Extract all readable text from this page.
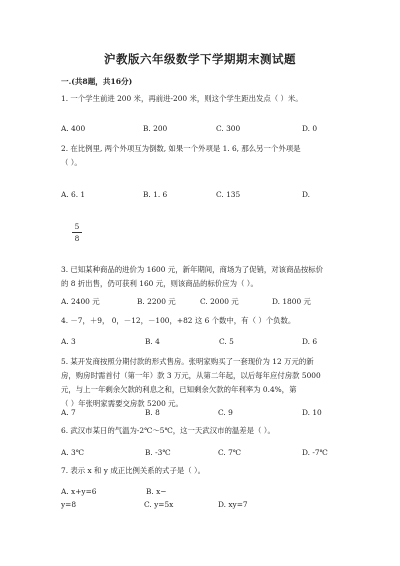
沪教版六年级数学下学期期末测试题
一.(共8题，共16分)
1. 一个学生前进 200 米，再前进-200 米，则这个学生距出发点（ ）米。
A. 400	B. 200	C. 300	D. 0
2. 在比例里, 两个外项互为倒数, 如果一个外项是 1. 6, 那么另一个外项是
（ ）。
A. 6. 1	B. 1. 6	C. 135	D.
5
8
3. 已知某种商品的进价为 1600 元，新年期间，商场为了促销，对该商品按标价
的 8 折出售，仍可获利 160 元，则该商品的标价应为（ ）。
A. 2400 元	B. 2200 元	C. 2000 元	D. 1800 元
4. －7，＋9， 0，－12，－100，+82 这 6 个数中，有（ ）个负数。
A. 3	B. 4	C. 5	D. 6
5. 某开发商按照分期付款的形式售房。张明家购买了一套现价为 12 万元的新
房，购房时需首付（第一年）款 3 万元，从第二年起，以后每年应付房款 5000
元，与上一年剩余欠款的利息之和，已知剩余欠款的年利率为 0.4%，第
（ ）年张明家需要交房款 5200 元。
A. 7	B. 8	C. 9	D. 10
6. 武汉市某日的气温为-2℃～5℃，这一天武汉市的温差是（ ）。
A. 3℃	B. -3℃	C. 7℃	D. -7℃
7. 表示 x 和 y 成正比例关系的式子是（ ）。
A. x+y=6	B. x−
y=8	C. y=5x	D. xy=7
